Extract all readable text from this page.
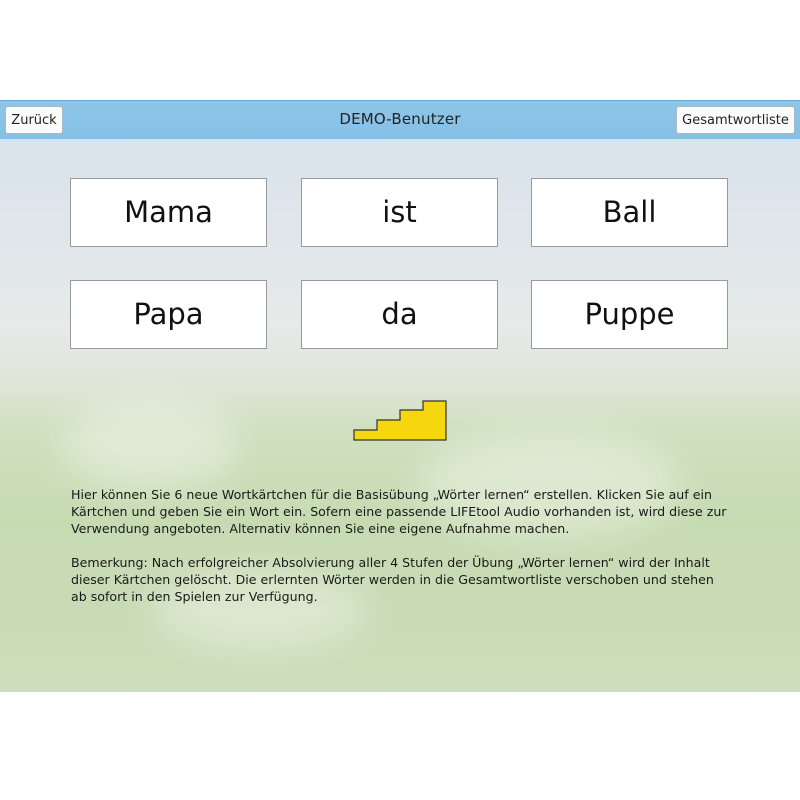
Zurück	DEMO-Benutzer	Gesamtwortliste
Mama	ist	Ball
Papa	da	Puppe

Hier können Sie 6 neue Wortkärtchen für die Basisübung „Wörter lernen“ erstellen. Klicken Sie auf ein Kärtchen und geben Sie ein Wort ein. Sofern eine passende LIFEtool Audio vorhanden ist, wird diese zur Verwendung angeboten. Alternativ können Sie eine eigene Aufnahme machen.

Bemerkung: Nach erfolgreicher Absolvierung aller 4 Stufen der Übung „Wörter lernen“ wird der Inhalt dieser Kärtchen gelöscht. Die erlernten Wörter werden in die Gesamtwortliste verschoben und stehen ab sofort in den Spielen zur Verfügung.
